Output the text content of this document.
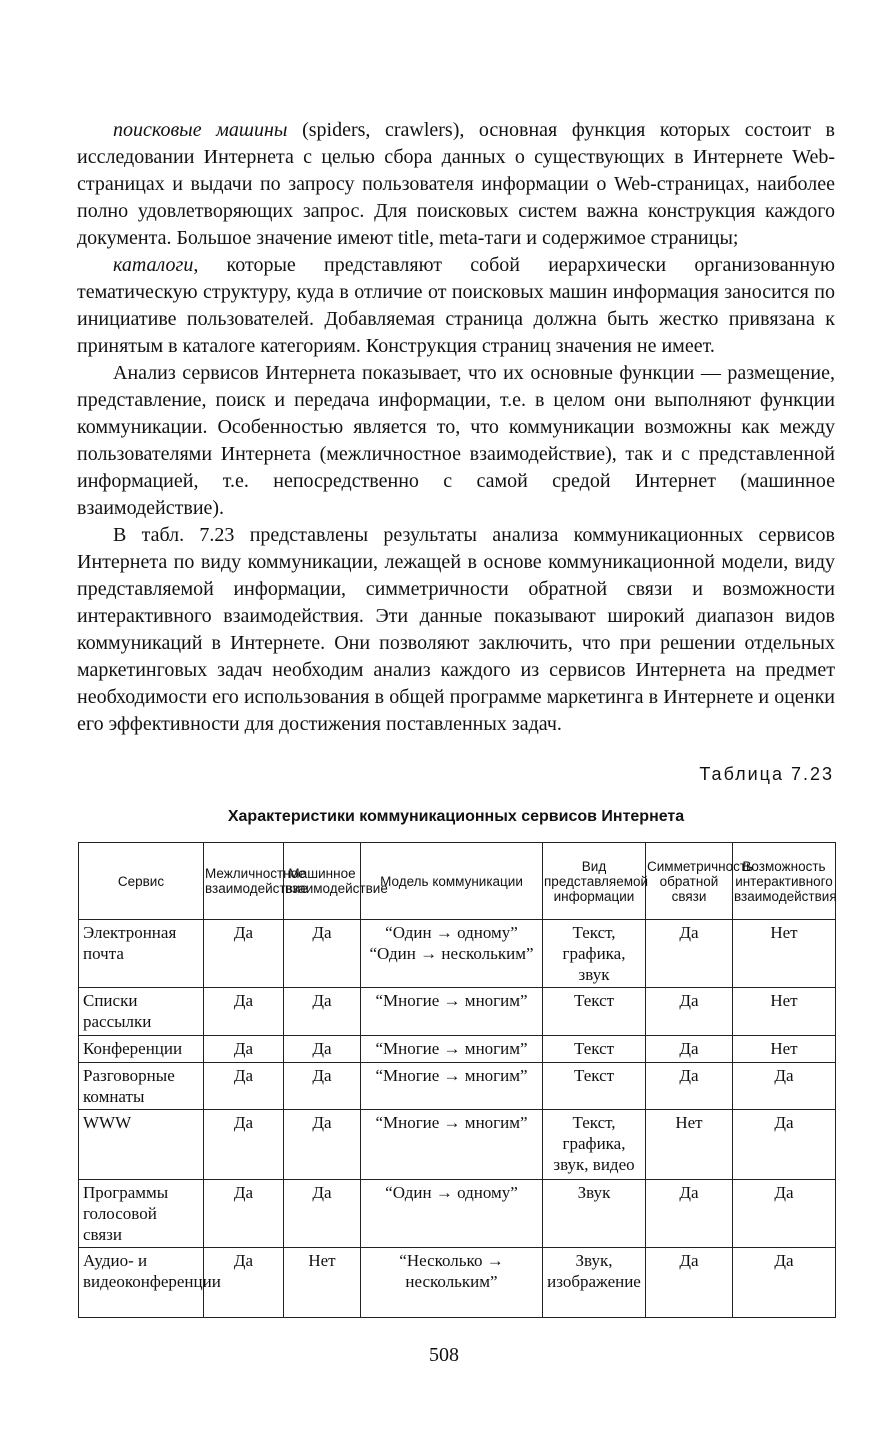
поисковые машины (spiders, crawlers), основная функция которых состоит в исследовании Интернета с целью сбора данных о существующих в Интернете Web-страницах и выдачи по запросу пользователя информации о Web-страницах, наиболее полно удовлетворяющих запрос. Для поисковых систем важна конструкция каждого документа. Большое значение имеют title, meta-таги и содержимое страницы;

каталоги, которые представляют собой иерархически организованную тематическую структуру, куда в отличие от поисковых машин информация заносится по инициативе пользователей. Добавляемая страница должна быть жестко привязана к принятым в каталоге категориям. Конструкция страниц значения не имеет.

Анализ сервисов Интернета показывает, что их основные функции — размещение, представление, поиск и передача информации, т.е. в целом они выполняют функции коммуникации. Особенностью является то, что коммуникации возможны как между пользователями Интернета (межличностное взаимодействие), так и с представленной информацией, т.е. непосредственно с самой средой Интернет (машинное взаимодействие).

В табл. 7.23 представлены результаты анализа коммуникационных сервисов Интернета по виду коммуникации, лежащей в основе коммуникационной модели, виду представляемой информации, симметричности обратной связи и возможности интерактивного взаимодействия. Эти данные показывают широкий диапазон видов коммуникаций в Интернете. Они позволяют заключить, что при решении отдельных маркетинговых задач необходим анализ каждого из сервисов Интернета на предмет необходимости его использования в общей программе маркетинга в Интернете и оценки его эффективности для достижения поставленных задач.

Таблица 7.23
Характеристики коммуникационных сервисов Интернета
Сервис	Межличностное взаимодействие	Машинное взаимодействие	Модель коммуникации	Вид представляемой информации	Симметричность обратной связи	Возможность интерактивного взаимодействия
Электронная почта	Да	Да	“Один → одному” “Один → нескольким”	Текст, графика, звук	Да	Нет
Списки рассылки	Да	Да	“Многие → многим”	Текст	Да	Нет
Конференции	Да	Да	“Многие → многим”	Текст	Да	Нет
Разговорные комнаты	Да	Да	“Многие → многим”	Текст	Да	Да
WWW	Да	Да	“Многие → многим”	Текст, графика, звук, видео	Нет	Да
Программы голосовой связи	Да	Да	“Один → одному”	Звук	Да	Да
Аудио- и видеоконференции	Да	Нет	“Несколько → нескольким”	Звук, изображение	Да	Да
508
